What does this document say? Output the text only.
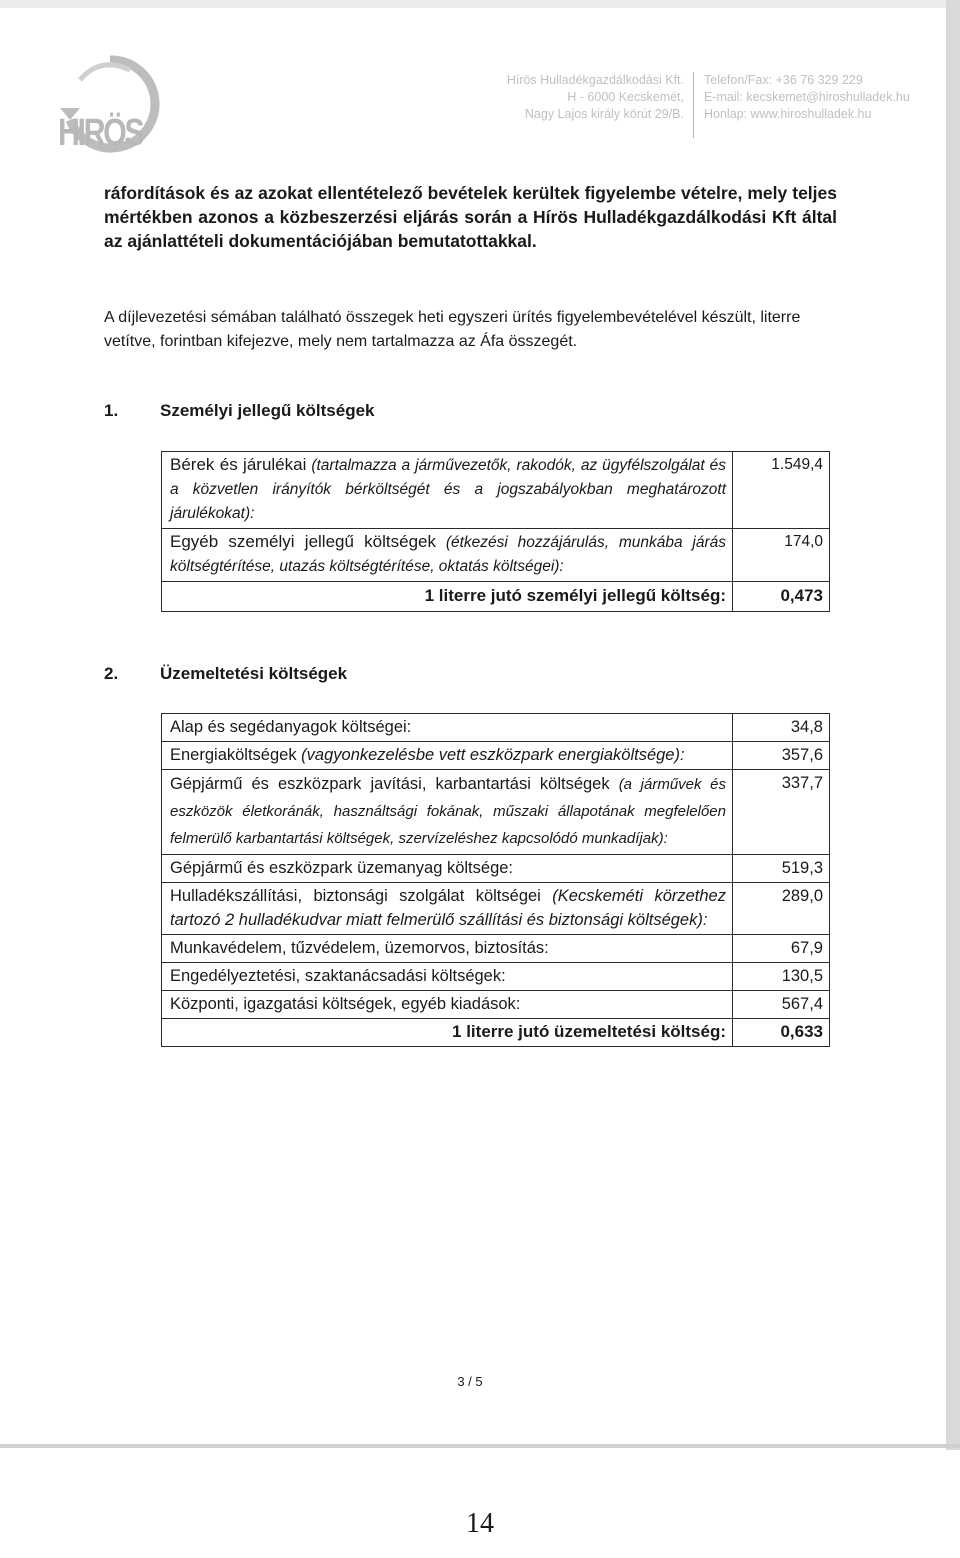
HIRÖS
Hírös Hulladékgazdálkodási Kft.
H - 6000 Kecskemét,
Nagy Lajos király körút 29/B.
Telefon/Fax: +36 76 329 229
E-mail: kecskemet@hiroshulladek.hu
Honlap: www.hiroshulladek.hu
ráfordítások és az azokat ellentételező bevételek kerültek figyelembe vételre, mely teljes mértékben azonos a közbeszerzési eljárás során a Hírös Hulladékgazdálkodási Kft által az ajánlattételi dokumentációjában bemutatottakkal.
A díjlevezetési sémában található összegek heti egyszeri ürítés figyelembevételével készült, literre vetítve, forintban kifejezve, mely nem tartalmazza az Áfa összegét.
1. Személyi jellegű költségek
Bérek és járulékai (tartalmazza a járművezetők, rakodók, az ügyfélszolgálat és a közvetlen irányítók bérköltségét és a jogszabályokban meghatározott járulékokat):	1.549,4
Egyéb személyi jellegű költségek (étkezési hozzájárulás, munkába járás költségtérítése, utazás költségtérítése, oktatás költségei):	174,0
1 literre jutó személyi jellegű költség:	0,473
2. Üzemeltetési költségek
Alap és segédanyagok költségei:	34,8
Energiaköltségek (vagyonkezelésbe vett eszközpark energiaköltsége):	357,6
Gépjármű és eszközpark javítási, karbantartási költségek (a járművek és eszközök életkoránák, használtsági fokának, műszaki állapotának megfelelően felmerülő karbantartási költségek, szervízeléshez kapcsolódó munkadíjak):	337,7
Gépjármű és eszközpark üzemanyag költsége:	519,3
Hulladékszállítási, biztonsági szolgálat költségei (Kecskeméti körzethez tartozó 2 hulladékudvar miatt felmerülő szállítási és biztonsági költségek):	289,0
Munkavédelem, tűzvédelem, üzemorvos, biztosítás:	67,9
Engedélyeztetési, szaktanácsadási költségek:	130,5
Központi, igazgatási költségek, egyéb kiadások:	567,4
1 literre jutó üzemeltetési költség:	0,633
3 / 5
14
